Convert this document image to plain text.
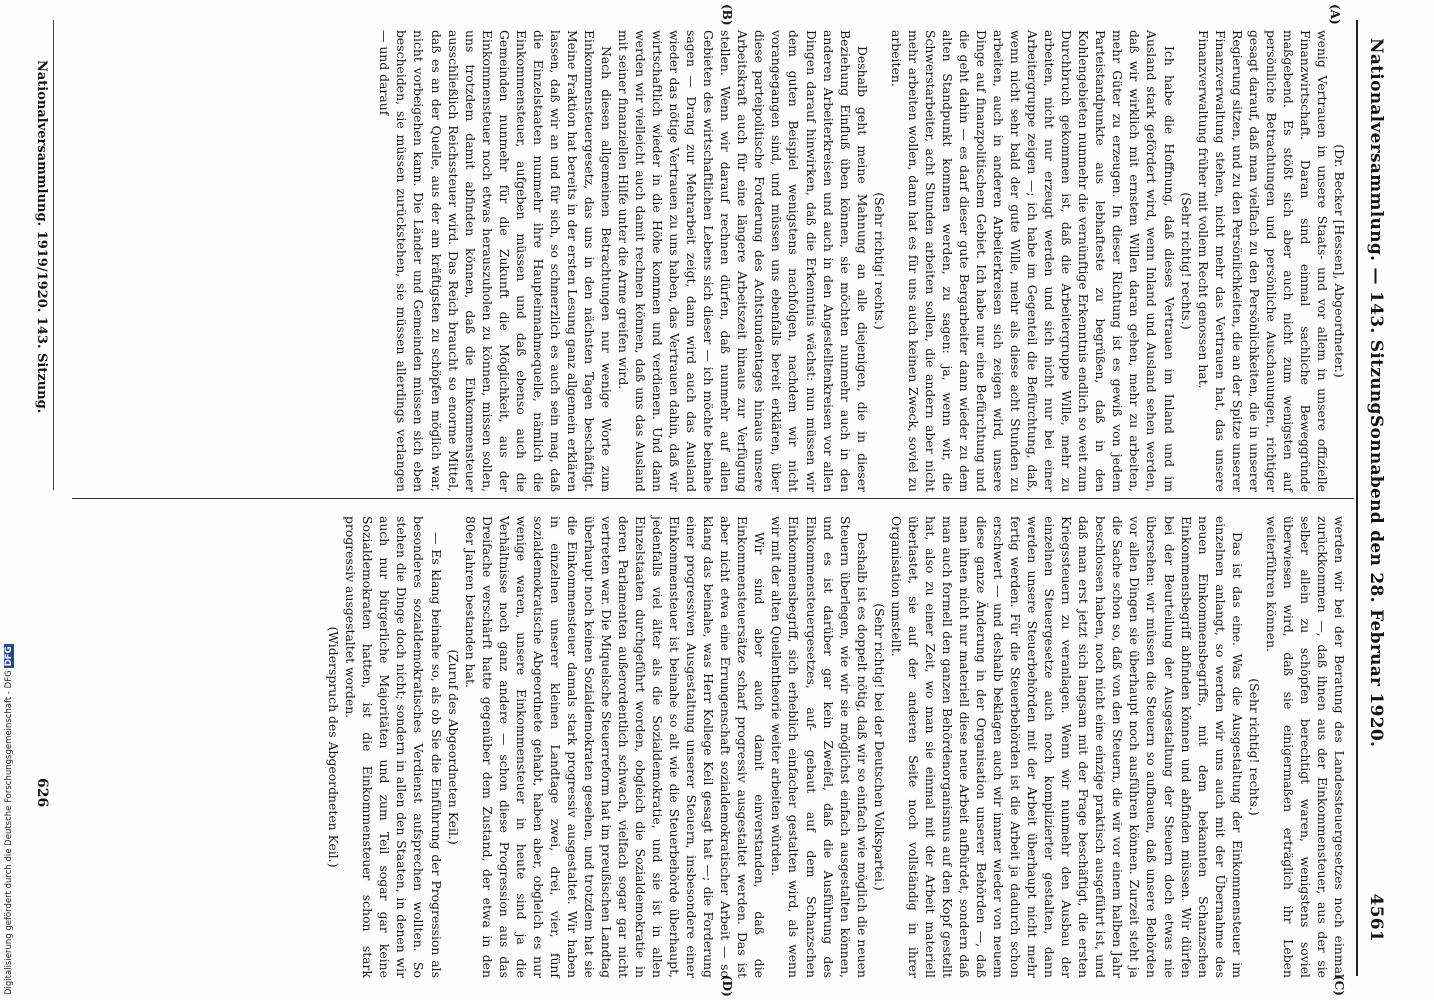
Nationalversammlung. — 143. Sitzung.
Sonnabend den 28. Februar 1920. 4561
(A)
(B)
(C)
(D)

(Dr. Becker [Hessen], Abgeordneter.)

wenig Vertrauen in unsere Staats- und vor allem in unsere offizielle Finanzwirtschaft. Daran sind einmal sachliche Beweggründe maßgebend. Es stößt sich aber auch nicht zum wenigsten auf persönliche Betrachtungen und persönliche Auschauungen, richtiger gesagt darauf, daß man vielfach zu den Persönlichkeiten, die in unserer Regierung sitzen, und zu den Persönlichkeiten, die an der Spitze unserer Finanzverwaltung stehen, nicht mehr das Vertrauen hat, das unsere Finanzverwaltung früher mit vollem Recht genossen hat.

(Sehr richtig! rechts.)

Ich habe die Hoffnung, daß dieses Vertrauen im Inland und im Ausland stark gefördert wird, wenn Inland und Ausland sehen werden, daß wir wirklich mit ernstem Willen daran gehen, mehr zu arbeiten, mehr Güter zu erzeugen. In dieser Richtung ist es gewiß von jedem Parteistandpunkte aus lebhafteste zu begrüßen, daß in den Kohlengebieten nunmehr die vernünftige Erkenntnis endlich so weit zum Durchbruch gekommen ist, daß die Arbeitergruppe Wille, mehr zu arbeiten, nicht nur erzeugt werden und sich nicht nur bei einer Arbeitergruppe zeigen —; ich habe im Gegenteil die Befürchtung, daß, wenn nicht sehr bald der gute Wille, mehr als diese acht Stunden zu arbeiten, auch in anderen Arbeiterkreisen sich zeigen wird, unsere Dinge auf finanzpolitischem Gebiet. Ich habe nur eine Befürchtung und die geht dahin — es darf dieser gute Bergarbeiter dann wieder zu dem alten Standpunkt kommen werden, zu sagen: ja, wenn wir, die Schwerstarbeiter, acht Stunden arbeiten sollen, die andern aber nicht mehr arbeiten wollen, dann hat es für uns auch keinen Zweck, soviel zu arbeiten.

(Sehr richtig! rechts.)

Deshalb geht meine Mahnung an alle diejenigen, die in dieser Beziehung Einfluß üben können, sie möchten nunmehr auch in den anderen Arbeiterkreisen und auch in den Angestelltenkreisen vor allen Dingen darauf hinwirken, daß die Erkenntnis wächst: nun müssen wir dem guten Beispiel wenigstens nachfolgen, nachdem wir nicht vorangegangen sind, und müssen uns ebenfalls bereit erklären, über diese parteipolitische Forderung des Achtstundentages hinaus unsere Arbeitskraft auch für eine längere Arbeitszeit hinaus zur Verfügung stellen. Wenn wir darauf rechnen dürfen, daß nunmehr auf allen Gebieten des wirtschaftlichen Lebens sich dieser — ich möchte beinahe sagen — Drang zur Mehrarbeit zeigt, dann wird auch das Ausland wieder das nötige Vertrauen zu uns haben, das Vertrauen dahin, daß wir wirtschaftlich wieder in die Höhe kommen und verdienen. Und dann werden wir vielleicht auch damit rechnen können, daß uns das Ausland mit seiner finanziellen Hilfe unter die Arme greifen wird.

Nach diesen allgemeinen Betrachtungen nur wenige Worte zum Einkommensteuergesetz, das uns in den nächsten Tagen beschäftigt. Meine Fraktion hat bereits in der ersten Lesung ganz allgemein erklären lassen, daß wir an und für sich, so schmerzlich es auch sein mag, daß die Einzelstaaten nunmehr ihre Haupteinnahmequelle, nämlich die Einkommensteuer, aufgeben müssen und daß ebenso auch die Gemeinden nunmehr für die Zukunft die Möglichkeit, aus der Einkommensteuer noch etwas herauszuholen zu können, missen sollen, uns trotzdem damit abfinden können, daß die Einkommensteuer ausschließlich Reichssteuer wird. Das Reich braucht so enorme Mittel, daß es an der Quelle, aus der am kräftigsten zu schöpfen möglich war, nicht vorbeigehen kann. Die Länder und Gemeinden müssen sich eben bescheiden, sie müssen zurückstehen, sie müssen allerdings verlangen — und darauf

werden wir bei der Beratung des Landessteuergesetzes noch einmal zurückkommen —, daß ihnen aus der Einkommensteuer, aus der sie selber allein zu schöpfen berechtigt waren, wenigstens soviel überwiesen wird, daß sie einigermaßen erträglich ihr Leben weiterführen können.

(Sehr richtig! rechts.)

Das ist das eine. Was die Ausgestaltung der Einkommensteuer im einzelnen anlangt, so werden wir uns auch mit der Übernahme des neuen Einkommensbegriffs, mit dem bekannten Schanzschen Einkommensbegriff abfinden können und abfinden müssen. Wir dürfen bei der Beurteilung der Ausgestaltung der Steuern doch etwas nie übersehen: wir müssen die Steuern so aufbauen, daß unsere Behörden vor allen Dingen sie überhaupt noch ausführen können. Zurzeit steht ja die Sache schon so, daß von den Steuern, die wir vor einem halben Jahr beschlossen haben, noch nicht eine einzige praktisch ausgeführt ist, und daß man erst jetzt sich langsam mit der Frage beschäftigt, die ersten Kriegssteuern zu veranlagen. Wenn wir nunmehr den Ausbau der einzelnen Steuergesetze auch noch komplizierter gestalten, dann werden unsere Steuerbehörden mit der Arbeit überhaupt nicht mehr fertig werden. Für die Steuerbehörden ist die Arbeit ja dadurch schon erschwert — und deshalb beklagen auch wir immer wieder von neuem diese ganze Änderung in der Organisation unserer Behörden —, daß man ihnen nicht nur materiell diese neue Arbeit aufbürdet, sondern daß man auch formell den ganzen Behördenorganismus auf den Kopf gestellt hat, also zu einer Zeit, wo man sie einmal mit der Arbeit materiell überlastet, sie auf der anderen Seite noch vollständig in ihrer Organisation umstellt.

(Sehr richtig! bei der Deutschen Volkspartei.)

Deshalb ist es doppelt nötig, daß wir so einfach wie möglich die neuen Steuern überlegen, wie wir sie möglichst einfach ausgestalten können, und es ist darüber gar kein Zweifel, daß die Ausführung des Einkommensteuergesetzes, auf- gebaut auf dem Schanzschen Einkommensbegriff, sich erheblich einfacher gestalten wird, als wenn wir mit der alten Quellentheorie weiter arbeiten würden.

Wir sind aber auch damit einverstanden, daß die Einkommensteuersätze scharf progressiv ausgestaltet werden. Das ist aber nicht etwa eine Errungenschaft sozialdemokratischer Arbeit — so klang das beinahe, was Herr Kollege Keil gesagt hat —; die Forderung einer progressiven Ausgestaltung unserer Steuern, insbesondere einer Einkommensteuer ist beinahe so alt wie die Steuerbehörde überhaupt, jedenfalls viel älter als die Sozialdemokratie, und sie ist in allen Einzelstaaten durchgeführt worden, obgleich die Sozialdemokratie in deren Parlamenten außerordentlich schwach, vielfach sogar gar nicht vertreten war. Die Miquelsche Steuerreform hat im preußischen Landtag überhaupt noch keinen Sozialdemokraten gesehen, und trotzdem hat sie die Einkommensteuer damals stark progressiv ausgestaltet. Wir haben in einzelnen unserer kleinen Landtage zwei, drei, vier, fünf sozialdemokratische Abgeordnete gehabt, haben aber, obgleich es nur wenige waren, unsere Einkommensteuer in heute sind ja die Verhältnisse noch ganz andere — schon diese Progression aus das Dreifache verschärft hatte gegenüber dem Zustand, der etwa in den 80er Jahren bestanden hat.

(Zuruf des Abgeordneten Keil.)

— Es klang beinahe so, als ob Sie die Einführung der Progression als besonderes sozialdemokratisches Verdienst aufsprechen wollten. So stehen die Dinge doch nicht; sondern in allen den Staaten, in denen wir auch nur bürgerliche Majoritäten und zum Teil sogar gar keine Sozialdemokraten hatten, ist die Einkommensteuer schon stark progressiv ausgestaltet worden.

(Widerspruch des Abgeordneten Keil.)

Nationalversammlung. 1919/1920. 143. Sitzung.
626
Digitalisierung gefördert durch die Deutsche Forschungsgemeinschaft - DFGDFG
